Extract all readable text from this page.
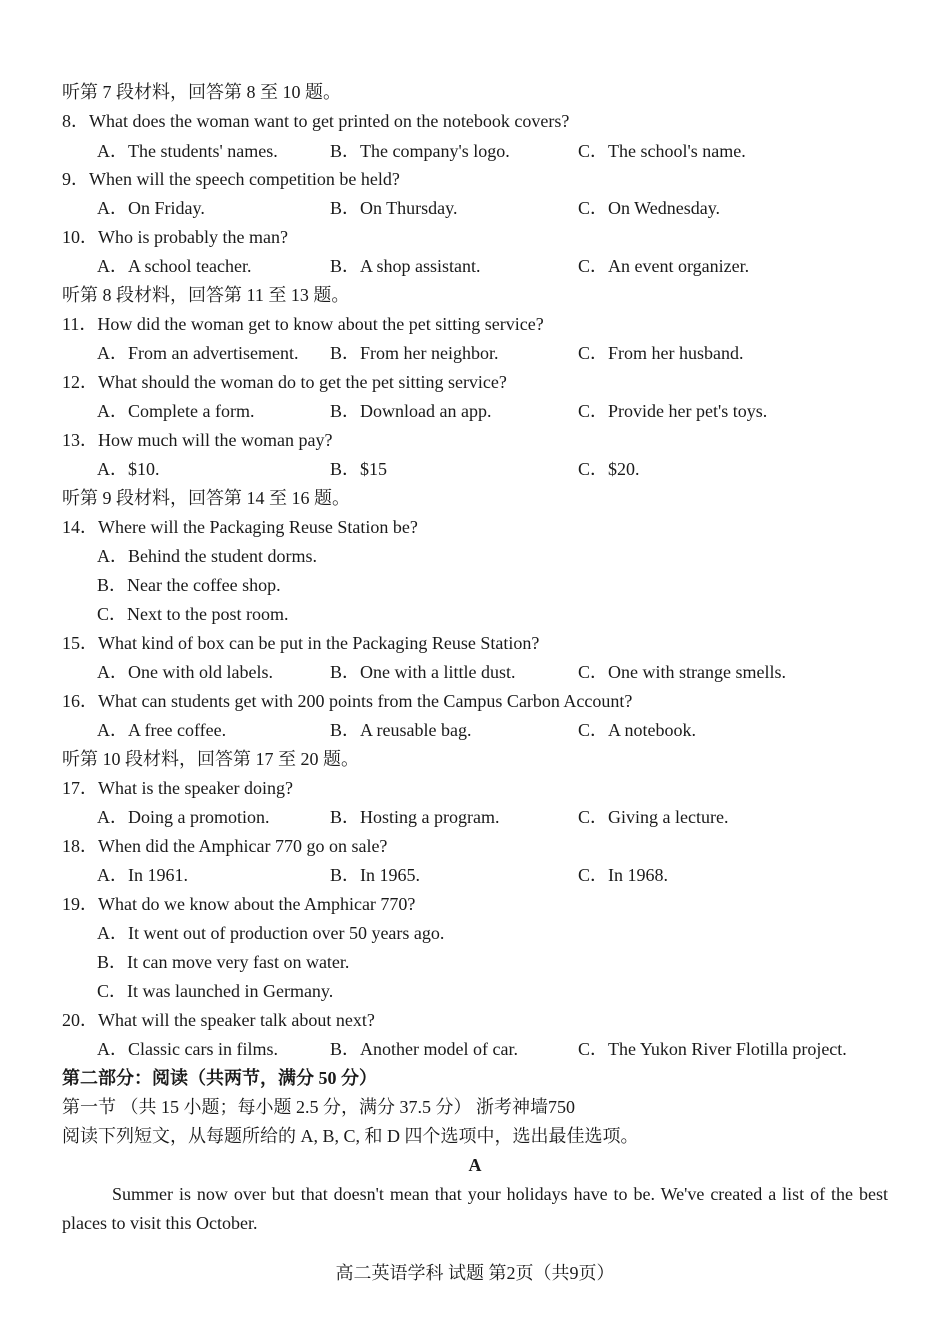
听第 7 段材料，回答第 8 至 10 题。
8．What does the woman want to get printed on the notebook covers?
A．The students' names.	B．The company's logo.	C．The school's name.
9．When will the speech competition be held?
A．On Friday.	B．On Thursday.	C．On Wednesday.
10．Who is probably the man?
A．A school teacher.	B．A shop assistant.	C．An event organizer.
听第 8 段材料，回答第 11 至 13 题。
11．How did the woman get to know about the pet sitting service?
A．From an advertisement. B．From her neighbor.	C．From her husband.
12．What should the woman do to get the pet sitting service?
A．Complete a form.	B．Download an app.	C．Provide her pet's toys.
13．How much will the woman pay?
A．$10.	B．$15	C．$20.
听第 9 段材料，回答第 14 至 16 题。
14．Where will the Packaging Reuse Station be?
A．Behind the student dorms.
B．Near the coffee shop.
C．Next to the post room.
15．What kind of box can be put in the Packaging Reuse Station?
A．One with old labels.	B．One with a little dust.	C．One with strange smells.
16．What can students get with 200 points from the Campus Carbon Account?
A．A free coffee.	B．A reusable bag.	C．A notebook.
听第 10 段材料，回答第 17 至 20 题。
17．What is the speaker doing?
A．Doing a promotion.	B．Hosting a program.	C．Giving a lecture.
18．When did the Amphicar 770 go on sale?
A．In 1961.	B．In 1965.	C．In 1968.
19．What do we know about the Amphicar 770?
A．It went out of production over 50 years ago.
B．It can move very fast on water.
C．It was launched in Germany.
20．What will the speaker talk about next?
A．Classic cars in films.	B．Another model of car.	C．The Yukon River Flotilla project.
第二部分：阅读（共两节，满分 50 分）
第一节 （共 15 小题；每小题 2.5 分，满分 37.5 分） 浙考神墙750
阅读下列短文，从每题所给的 A, B, C, 和 D 四个选项中，选出最佳选项。
A
Summer is now over but that doesn't mean that your holidays have to be. We've created a list of the best places to visit this October.
高二英语学科 试题 第2页（共9页）
